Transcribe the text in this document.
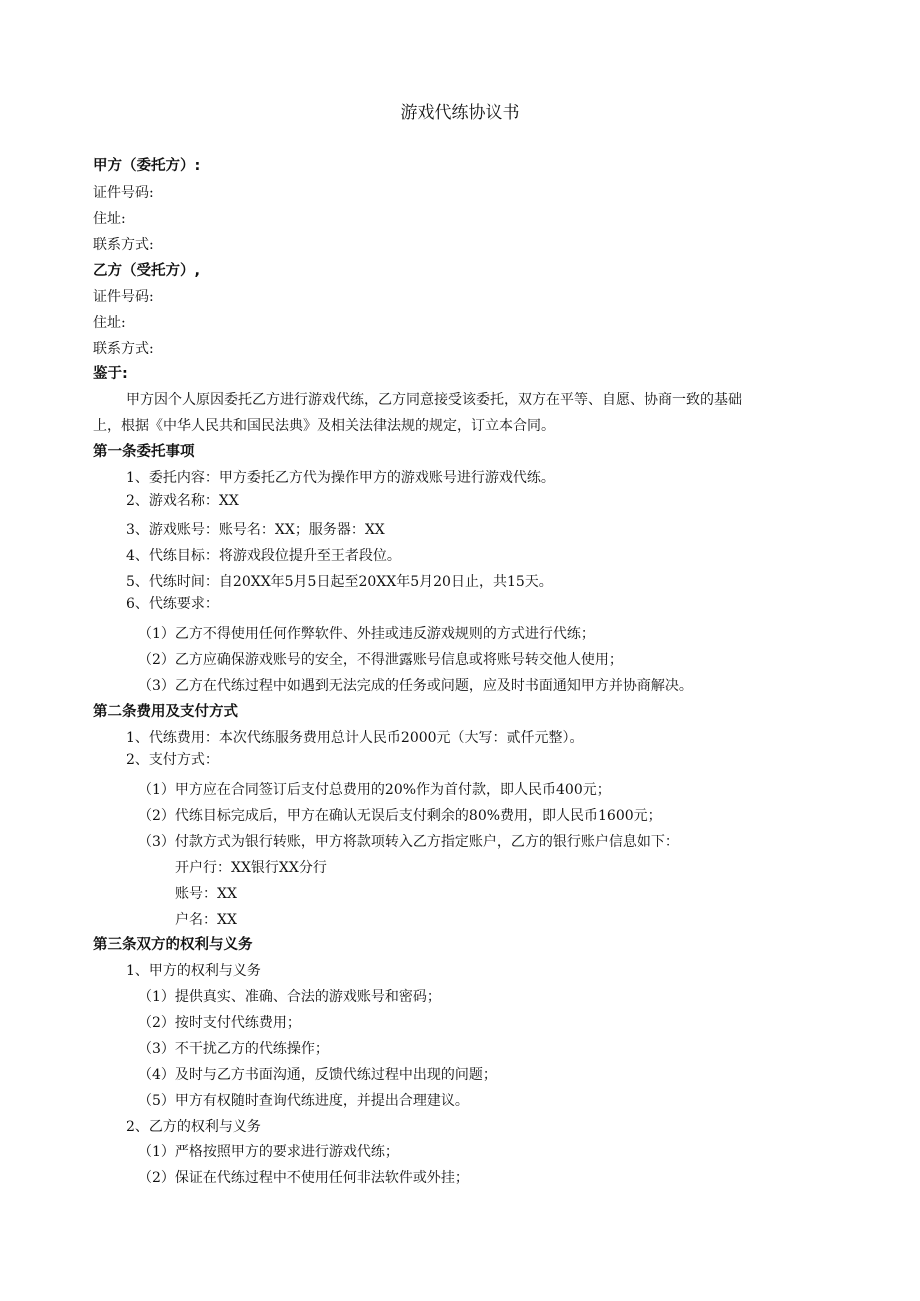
游戏代练协议书
甲方（委托方）:
证件号码:
住址:
联系方式:
乙方（受托方）,
证件号码:
住址:
联系方式:
鉴于:
甲方因个人原因委托乙方进行游戏代练，乙方同意接受该委托，双方在平等、自愿、协商一致的基础
上，根据《中华人民共和国民法典》及相关法律法规的规定，订立本合同。
第一条委托事项
1、委托内容：甲方委托乙方代为操作甲方的游戏账号进行游戏代练。
2、游戏名称：XX
3、游戏账号：账号名：XX；服务器：XX
4、代练目标：将游戏段位提升至王者段位。
5、代练时间：自20XX年5月5日起至20XX年5月20日止，共15天。
6、代练要求：
（1）乙方不得使用任何作弊软件、外挂或违反游戏规则的方式进行代练；
（2）乙方应确保游戏账号的安全，不得泄露账号信息或将账号转交他人使用；
（3）乙方在代练过程中如遇到无法完成的任务或问题，应及时书面通知甲方并协商解决。
第二条费用及支付方式
1、代练费用：本次代练服务费用总计人民币2000元（大写：贰仟元整）。
2、支付方式：
（1）甲方应在合同签订后支付总费用的20%作为首付款，即人民币400元；
（2）代练目标完成后，甲方在确认无误后支付剩余的80%费用，即人民币1600元；
（3）付款方式为银行转账，甲方将款项转入乙方指定账户，乙方的银行账户信息如下：
开户行：XX银行XX分行
账号：XX
户名：XX
第三条双方的权利与义务
1、甲方的权利与义务
（1）提供真实、准确、合法的游戏账号和密码；
（2）按时支付代练费用；
（3）不干扰乙方的代练操作；
（4）及时与乙方书面沟通，反馈代练过程中出现的问题；
（5）甲方有权随时查询代练进度，并提出合理建议。
2、乙方的权利与义务
（1）严格按照甲方的要求进行游戏代练；
（2）保证在代练过程中不使用任何非法软件或外挂；
